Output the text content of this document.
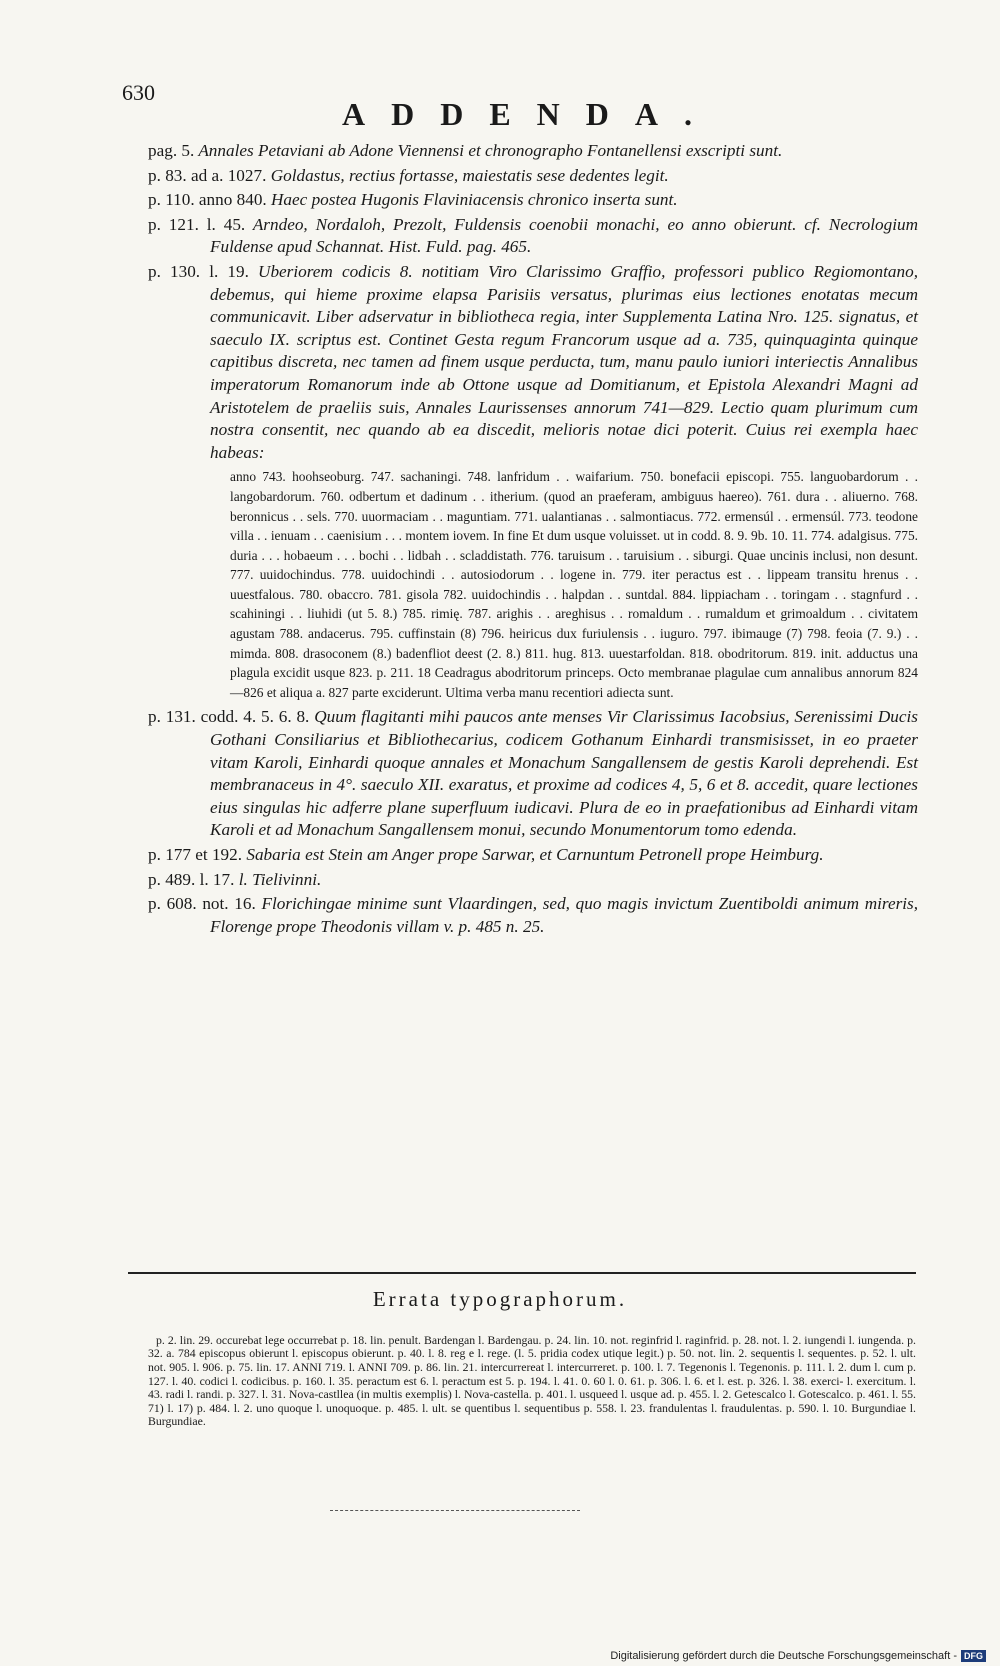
630
ADDENDA.

pag. 5. Annales Petaviani ab Adone Viennensi et chronographo Fontanellensi exscripti sunt.

p. 83. ad a. 1027. Goldastus, rectius fortasse, maiestatis sese dedentes legit.

p. 110. anno 840. Haec postea Hugonis Flaviniacensis chronico inserta sunt.

p. 121. l. 45. Arndeo, Nordaloh, Prezolt, Fuldensis coenobii monachi, eo anno obierunt. cf. Necrologium Fuldense apud Schannat. Hist. Fuld. pag. 465.

p. 130. l. 19. Uberiorem codicis 8. notitiam Viro Clarissimo Graffio, professori publico Regiomontano, debemus, qui hieme proxime elapsa Parisiis versatus, plurimas eius lectiones enotatas mecum communicavit. Liber adservatur in bibliotheca regia, inter Supplementa Latina Nro. 125. signatus, et saeculo IX. scriptus est. Continet Gesta regum Francorum usque ad a. 735, quinquaginta quinque capitibus discreta, nec tamen ad finem usque perducta, tum, manu paulo iuniori interiectis Annalibus imperatorum Romanorum inde ab Ottone usque ad Domitianum, et Epistola Alexandri Magni ad Aristotelem de praeliis suis, Annales Laurissenses annorum 741—829. Lectio quam plurimum cum nostra consentit, nec quando ab ea discedit, melioris notae dici poterit. Cuius rei exempla haec habeas:

anno 743. hoohseoburg. 747. sachaningi. 748. lanfridum . . waifarium. 750. bonefacii episcopi. 755. languobardorum . . langobardorum. 760. odbertum et dadinum . . itherium. (quod an praeferam, ambiguus haereo). 761. dura . . aliuerno. 768. beronnicus . . sels. 770. uuormaciam . . maguntiam. 771. ualantianas . . salmontiacus. 772. ermensúl . . ermensúl. 773. teodone villa . . ienuam . . caenisium . . . montem iovem. In fine Et dum usque voluisset. ut in codd. 8. 9. 9b. 10. 11. 774. adalgisus. 775. duria . . . hobaeum . . . bochi . . lidbah . . scladdistath. 776. taruisum . . taruisium . . siburgi. Quae uncinis inclusi, non desunt. 777. uuidochindus. 778. uuidochindi . . autosiodorum . . logene in. 779. iter peractus est . . lippeam transitu hrenus . . uuestfalous. 780. obaccro. 781. gisola 782. uuidochindis . . halpdan . . suntdal. 884. lippiacham . . toringam . . stagnfurd . . scahiningi . . liuhidi (ut 5. 8.) 785. rimię. 787. arighis . . areghisus . . romaldum . . rumaldum et grimoaldum . . civitatem agustam 788. andacerus. 795. cuffinstain (8) 796. heiricus dux furiulensis . . iuguro. 797. ibimauge (7) 798. feoia (7. 9.) . . mimda. 808. drasoconem (8.) badenfliot deest (2. 8.) 811. hug. 813. uuestarfoldan. 818. obodritorum. 819. init. adductus una plagula excidit usque 823. p. 211. 18 Ceadragus abodritorum princeps. Octo membranae plagulae cum annalibus annorum 824—826 et aliqua a. 827 parte exciderunt. Ultima verba manu recentiori adiecta sunt.

p. 131. codd. 4. 5. 6. 8. Quum flagitanti mihi paucos ante menses Vir Clarissimus Iacobsius, Serenissimi Ducis Gothani Consiliarius et Bibliothecarius, codicem Gothanum Einhardi transmisisset, in eo praeter vitam Karoli, Einhardi quoque annales et Monachum Sangallensem de gestis Karoli deprehendi. Est membranaceus in 4°. saeculo XII. exaratus, et proxime ad codices 4, 5, 6 et 8. accedit, quare lectiones eius singulas hic adferre plane superfluum iudicavi. Plura de eo in praefationibus ad Einhardi vitam Karoli et ad Monachum Sangallensem monui, secundo Monumentorum tomo edenda.

p. 177 et 192. Sabaria est Stein am Anger prope Sarwar, et Carnuntum Petronell prope Heimburg.

p. 489. l. 17. l. Tielivinni.

p. 608. not. 16. Florichingae minime sunt Vlaardingen, sed, quo magis invictum Zuentiboldi animum mireris, Florenge prope Theodonis villam v. p. 485 n. 25.

Errata typographorum.

p. 2. lin. 29. occurebat lege occurrebat p. 18. lin. penult. Bardengan l. Bardengau. p. 24. lin. 10. not. reginfrid l. raginfrid. p. 28. not. l. 2. iungendi l. iungenda. p. 32. a. 784 episcopus obierunt l. episcopus obierunt. p. 40. l. 8. reg e l. rege. (l. 5. pridia codex utique legit.) p. 50. not. lin. 2. sequentis l. sequentes. p. 52. l. ult. not. 905. l. 906. p. 75. lin. 17. ANNI 719. l. ANNI 709. p. 86. lin. 21. intercurrereat l. intercurreret. p. 100. l. 7. Tegenonis l. Tegenonis. p. 111. l. 2. dum l. cum p. 127. l. 40. codici l. codicibus. p. 160. l. 35. peractum est 6. l. peractum est 5. p. 194. l. 41. 0. 60 l. 0. 61. p. 306. l. 6. et l. est. p. 326. l. 38. exerci- l. exercitum. l. 43. radi l. randi. p. 327. l. 31. Nova-castllea (in multis exemplis) l. Nova-castella. p. 401. l. usqueed l. usque ad. p. 455. l. 2. Getescalco l. Gotescalco. p. 461. l. 55. 71) l. 17) p. 484. l. 2. uno quoque l. unoquoque. p. 485. l. ult. se quentibus l. sequentibus p. 558. l. 23. frandulentas l. fraudulentas. p. 590. l. 10. Burgundiae l. Burgundiae.

Digitalisierung gefördert durch die Deutsche Forschungsgemeinschaft - DFG
